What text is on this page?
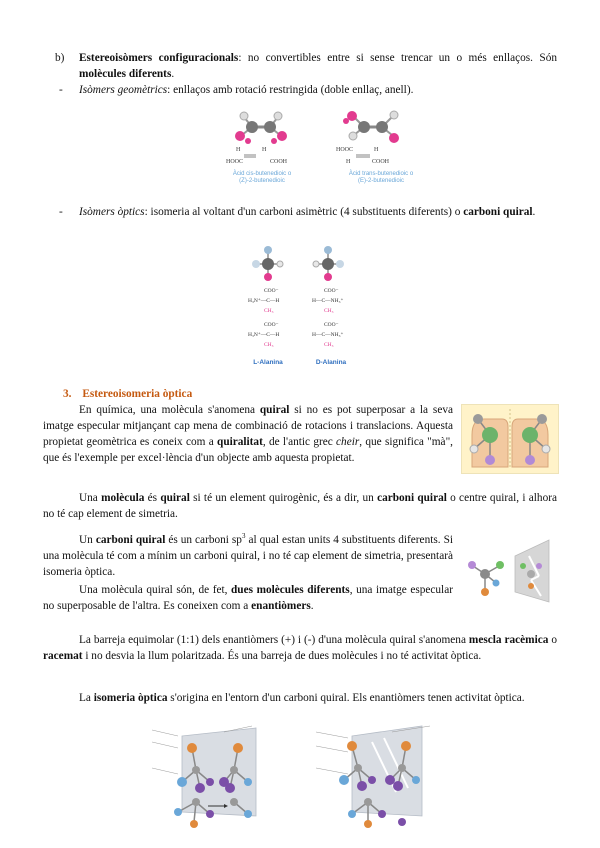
b) Estereoisòmers configuracionals: no convertibles entre si sense trencar un o més enllaços. Són molècules diferents.
- Isòmers geomètrics: enllaços amb rotació restringida (doble enllaç, anell).
H	H
HOOC	COOH
HOOC	H
H	COOH
Àcid cis-butenedioic o
(Z)-2-butenedioic
Àcid trans-butenedioic o
(E)-2-butenedioic
- Isòmers òptics: isomeria al voltant d'un carboni asimètric (4 substituents diferents) o carboni quiral.
COO⁻
H₃N⁺—C—H
CH₃
COO⁻
H—C—NH₃⁺
CH₃
COO⁻
H₃N⁺—C—H
CH₃
COO⁻
H—C—NH₃⁺
CH₃
L-Alanina	D-Alanina
3. Estereoisomeria òptica
En química, una molècula s'anomena quiral si no es pot superposar a la seva imatge especular mitjançant cap mena de combinació de rotacions i translacions. Aquesta propietat geomètrica es coneix com a quiralitat, de l'antic grec cheir, que significa "mà", que és l'exemple per excel·lència d'un objecte amb aquesta propietat.
Una molècula és quiral si té un element quirogènic, és a dir, un carboni quiral o centre quiral, i alhora no té cap element de simetria.
Un carboni quiral és un carboni $sp^3$ al qual estan units 4 substituents diferents. Si una molècula té com a mínim un carboni quiral, i no té cap element de simetria, presentarà isomeria òptica.
Una molècula quiral són, de fet, dues molècules diferents, una imatge especular no superposable de l'altra. Es coneixen com a enantiòmers.
La barreja equimolar (1:1) dels enantiòmers (+) i (-) d'una molècula quiral s'anomena mescla racèmica o racemat i no desvia la llum polaritzada. És una barreja de dues molècules i no té activitat òptica.
La isomeria òptica s'origina en l'entorn d'un carboni quiral. Els enantiòmers tenen activitat òptica.
